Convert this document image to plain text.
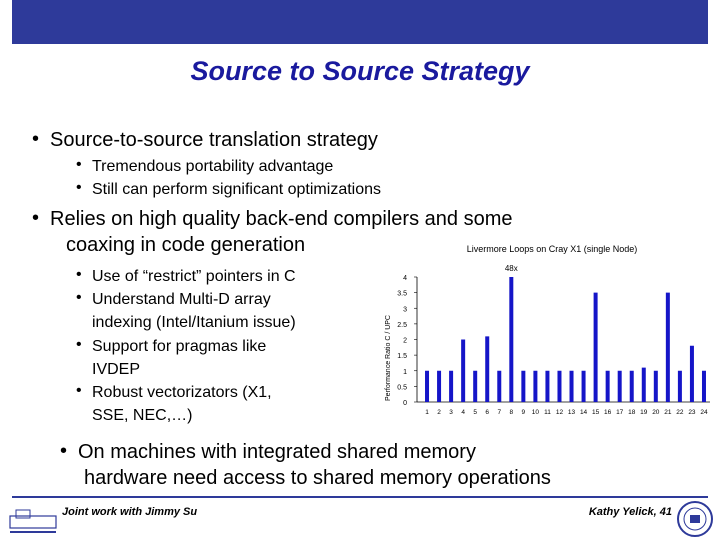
Source to Source Strategy
• Source-to-source translation strategy
• Tremendous portability advantage
• Still can perform significant optimizations
• Relies on high quality back-end compilers and some
coaxing in code generation
• Use of “restrict” pointers in C
• Understand Multi-D array
indexing (Intel/Itanium issue)
• Support for pragmas like
IVDEP
• Robust vectorizators (X1,
SSE, NEC,…)
• On machines with integrated shared memory
hardware need access to shared memory operations
Livermore Loops on Cray X1 (single Node)
Performance Ratio C / UPC
0
0.5
1
1.5
2
2.5
3
3.5
4
48x
1 2 3 4 5 6 7 8 9 10 11 12 13 14 15 16 17 18 19 20 21 22 23 24
Joint work with Jimmy Su	Kathy Yelick, 41
